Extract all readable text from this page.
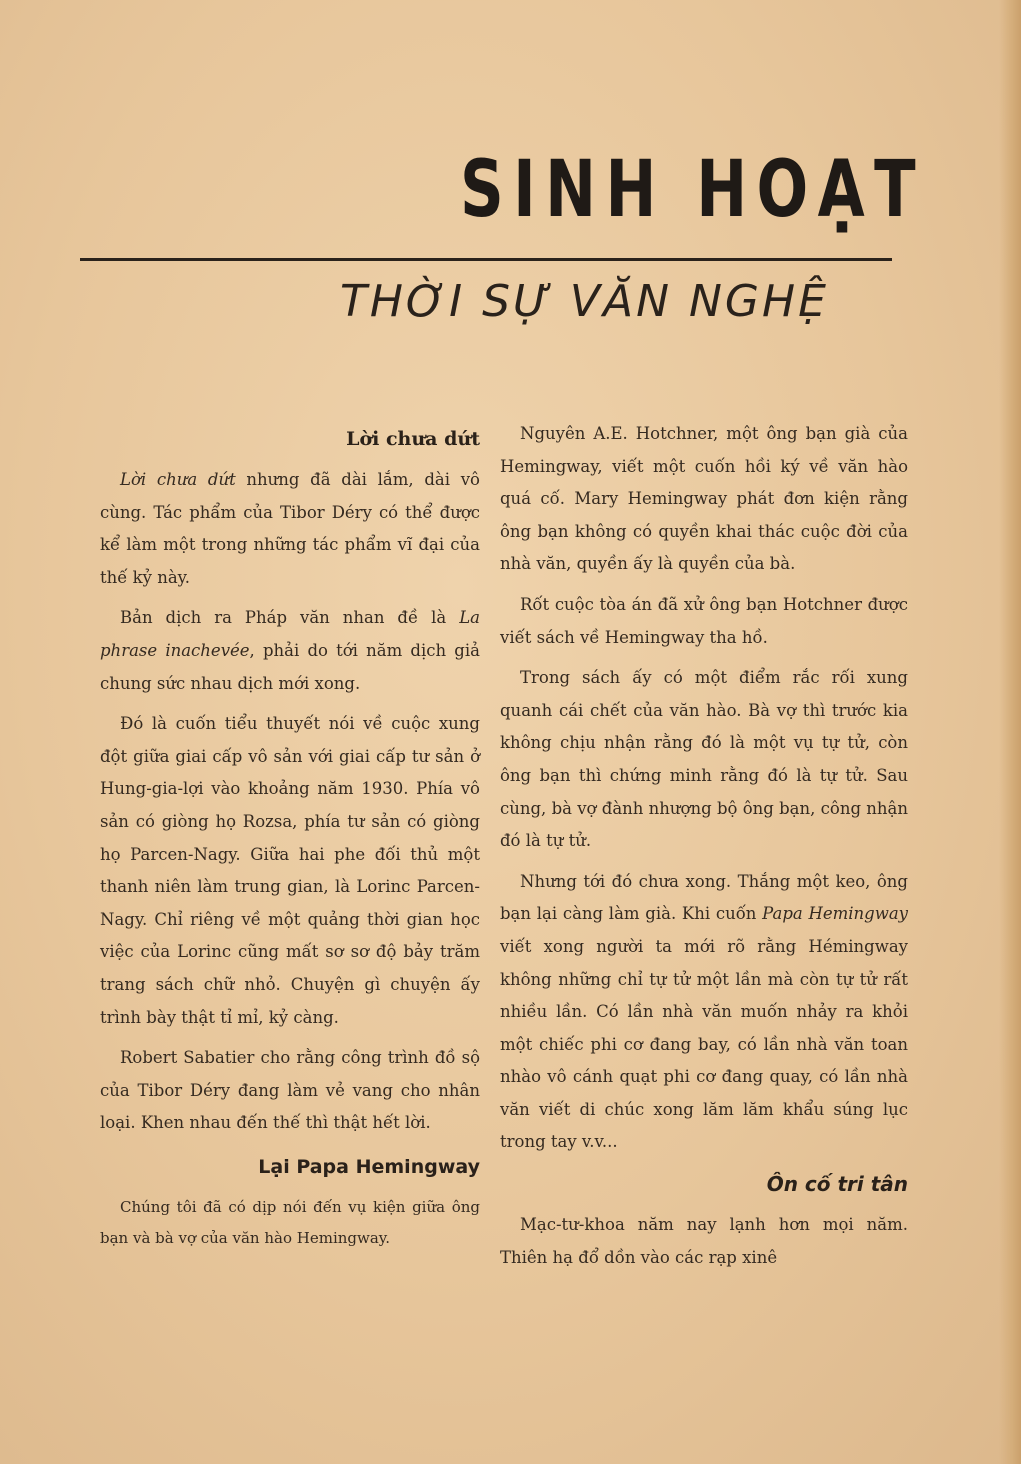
SINH HOẠT
THỜI SỰ VĂN NGHỆ
Lời chưa dứt

Lời chưa dứt nhưng đã dài lắm, dài vô cùng. Tác phẩm của Tibor Déry có thể được kể làm một trong những tác phẩm vĩ đại của thế kỷ này.

Bản dịch ra Pháp văn nhan đề là La phrase inachevée, phải do tới năm dịch giả chung sức nhau dịch mới xong.

Đó là cuốn tiểu thuyết nói về cuộc xung đột giữa giai cấp vô sản với giai cấp tư sản ở Hung-gia-lợi vào khoảng năm 1930. Phía vô sản có giòng họ Rozsa, phía tư sản có giòng họ Parcen-Nagy. Giữa hai phe đối thủ một thanh niên làm trung gian, là Lorinc Parcen-Nagy. Chỉ riêng về một quảng thời gian học việc của Lorinc cũng mất sơ sơ độ bảy trăm trang sách chữ nhỏ. Chuyện gì chuyện ấy trình bày thật tỉ mỉ, kỷ càng.

Robert Sabatier cho rằng công trình đồ sộ của Tibor Déry đang làm vẻ vang cho nhân loại. Khen nhau đến thế thì thật hết lời.

Lại Papa Hemingway

Chúng tôi đã có dịp nói đến vụ kiện giữa ông bạn và bà vợ của văn hào Hemingway.

Nguyên A.E. Hotchner, một ông bạn già của Hemingway, viết một cuốn hồi ký về văn hào quá cố. Mary Hemingway phát đơn kiện rằng ông bạn không có quyền khai thác cuộc đời của nhà văn, quyền ấy là quyền của bà.

Rốt cuộc tòa án đã xử ông bạn Hotchner được viết sách về Hemingway tha hồ.

Trong sách ấy có một điểm rắc rối xung quanh cái chết của văn hào. Bà vợ thì trước kia không chịu nhận rằng đó là một vụ tự tử, còn ông bạn thì chứng minh rằng đó là tự tử. Sau cùng, bà vợ đành nhượng bộ ông bạn, công nhận đó là tự tử.

Nhưng tới đó chưa xong. Thắng một keo, ông bạn lại càng làm già. Khi cuốn Papa Hemingway viết xong người ta mới rõ rằng Hémingway không những chỉ tự tử một lần mà còn tự tử rất nhiều lần. Có lần nhà văn muốn nhảy ra khỏi một chiếc phi cơ đang bay, có lần nhà văn toan nhào vô cánh quạt phi cơ đang quay, có lần nhà văn viết di chúc xong lăm lăm khẩu súng lục trong tay v.v...

Ôn cố tri tân

Mạc-tư-khoa năm nay lạnh hơn mọi năm. Thiên hạ đổ dồn vào các rạp xinê
